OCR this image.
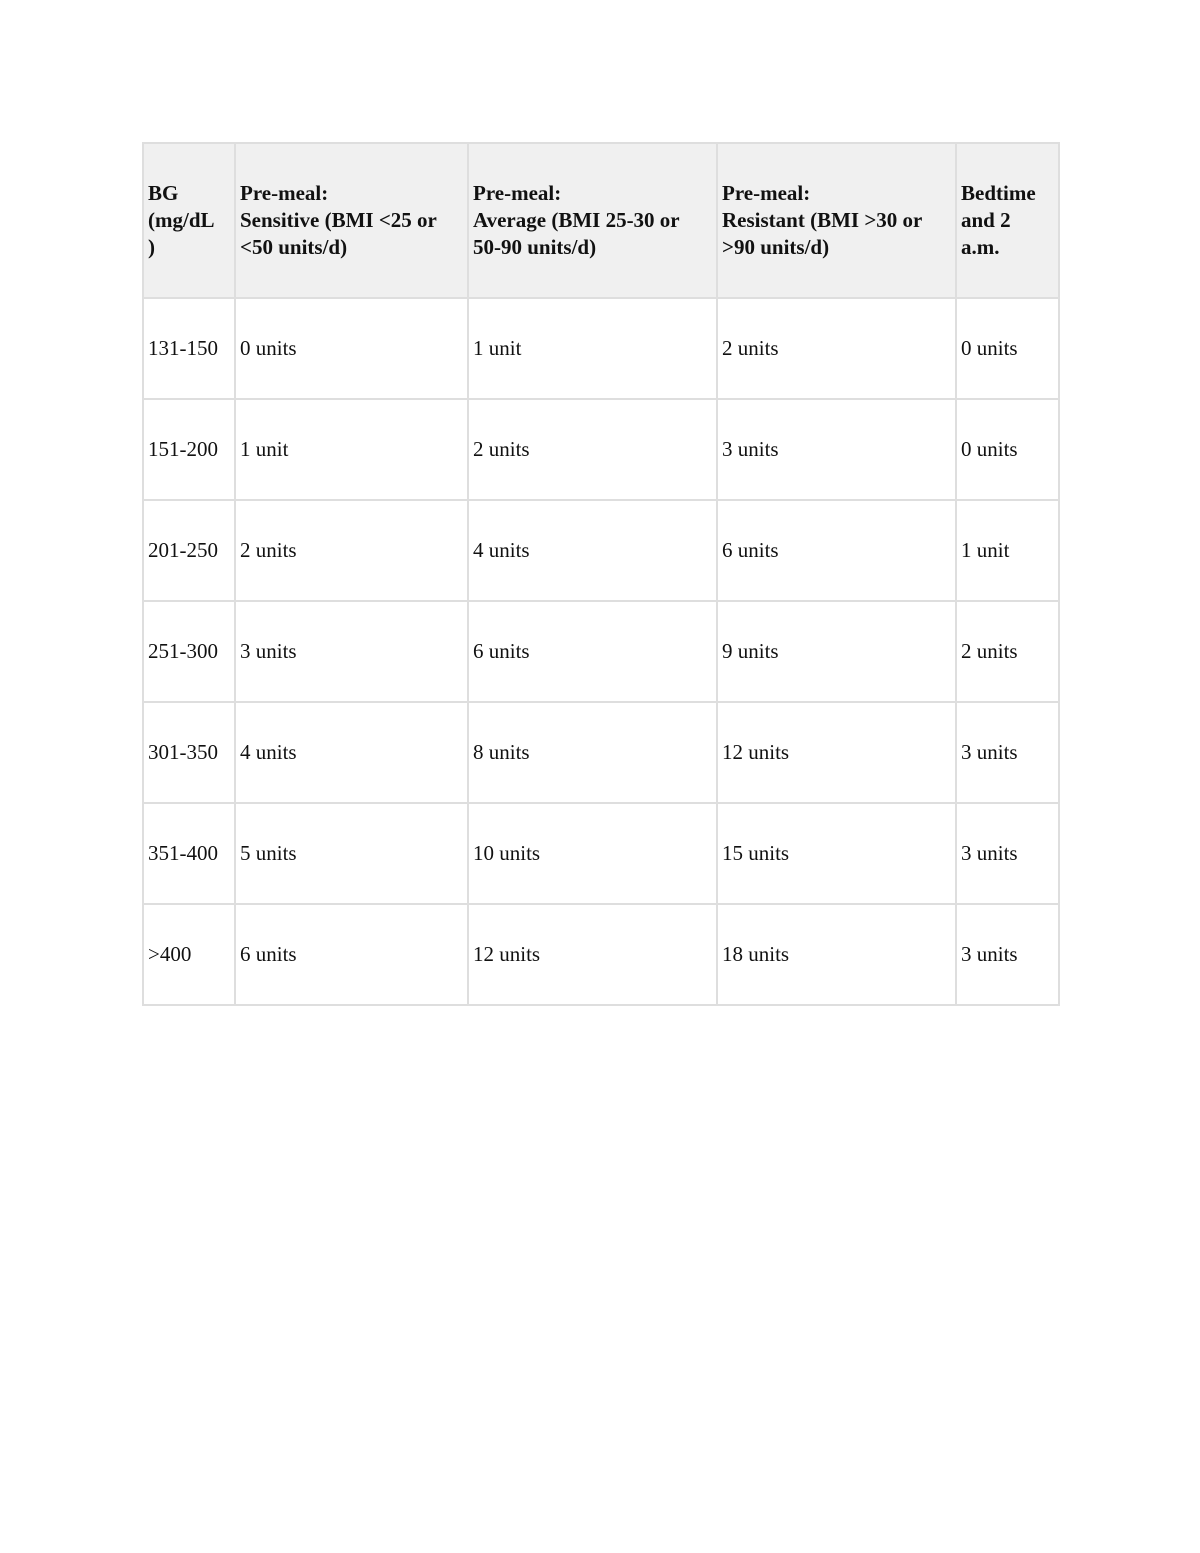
BG
(mg/dL
)	Pre-meal:
Sensitive (BMI <25 or
<50 units/d)	Pre-meal:
Average (BMI 25-30 or
50-90 units/d)	Pre-meal:
Resistant (BMI >30 or
>90 units/d)	Bedtime
and 2
a.m.

131-150	0 units	1 unit	2 units	0 units
151-200	1 unit	2 units	3 units	0 units
201-250	2 units	4 units	6 units	1 unit
251-300	3 units	6 units	9 units	2 units
301-350	4 units	8 units	12 units	3 units
351-400	5 units	10 units	15 units	3 units
>400	6 units	12 units	18 units	3 units
